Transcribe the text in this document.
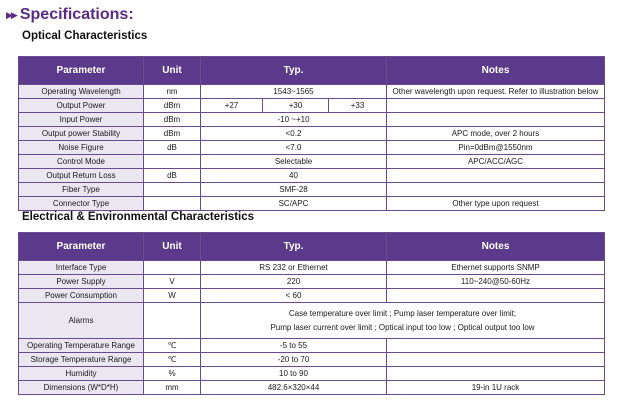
▶▶ Specifications:
Optical Characteristics
Parameter	Unit	Typ.			Notes
Operating Wavelength	nm	1543~1565			Other wavelength upon request. Refer to illustration below
Output Power	dBm	+27	+30	+33	
Input Power	dBm	-10 ~+10			
Output power Stability	dBm	<0.2			APC mode, over 2 hours
Noise Figure	dB	<7.0			Pin=0dBm@1550nm
Control Mode		Selectable			APC/ACC/AGC
Output Return Loss	dB	40			
Fiber Type		SMF-28			
Connector Type		SC/APC			Other type upon request
Electrical & Environmental Characteristics
Parameter	Unit	Typ.	Notes
Interface Type		RS 232 or Ethernet	Ethernet supports SNMP
Power Supply	V	220	110~240@50-60Hz
Power Consumption	W	< 60	
Alarms		Case temperature over limit ; Pump laser temperature over limit;
Pump laser current over limit ; Optical input too low ; Optical output too low	

Operating Temperature Range	℃	-5 to 55	
Storage Temperature Range	℃	-20 to 70	
Humidity	%	10 to 90	
Dimensions (W*D*H)	mm	482.6×320×44	19-in 1U rack
